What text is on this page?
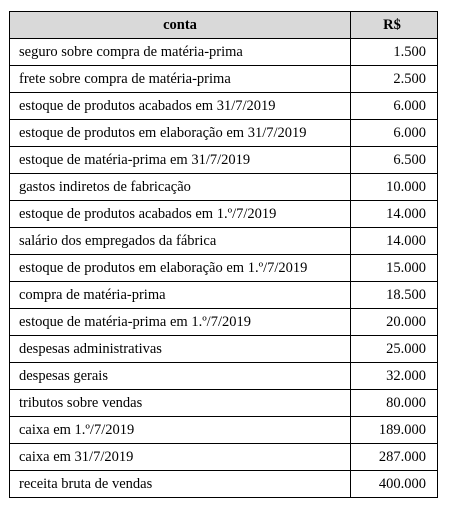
conta	R$
seguro sobre compra de matéria-prima	1.500
frete sobre compra de matéria-prima	2.500
estoque de produtos acabados em 31/7/2019	6.000
estoque de produtos em elaboração em 31/7/2019	6.000
estoque de matéria-prima em 31/7/2019	6.500
gastos indiretos de fabricação	10.000
estoque de produtos acabados em 1.º/7/2019	14.000
salário dos empregados da fábrica	14.000
estoque de produtos em elaboração em 1.º/7/2019	15.000
compra de matéria-prima	18.500
estoque de matéria-prima em 1.º/7/2019	20.000
despesas administrativas	25.000
despesas gerais	32.000
tributos sobre vendas	80.000
caixa em 1.º/7/2019	189.000
caixa em 31/7/2019	287.000
receita bruta de vendas	400.000
